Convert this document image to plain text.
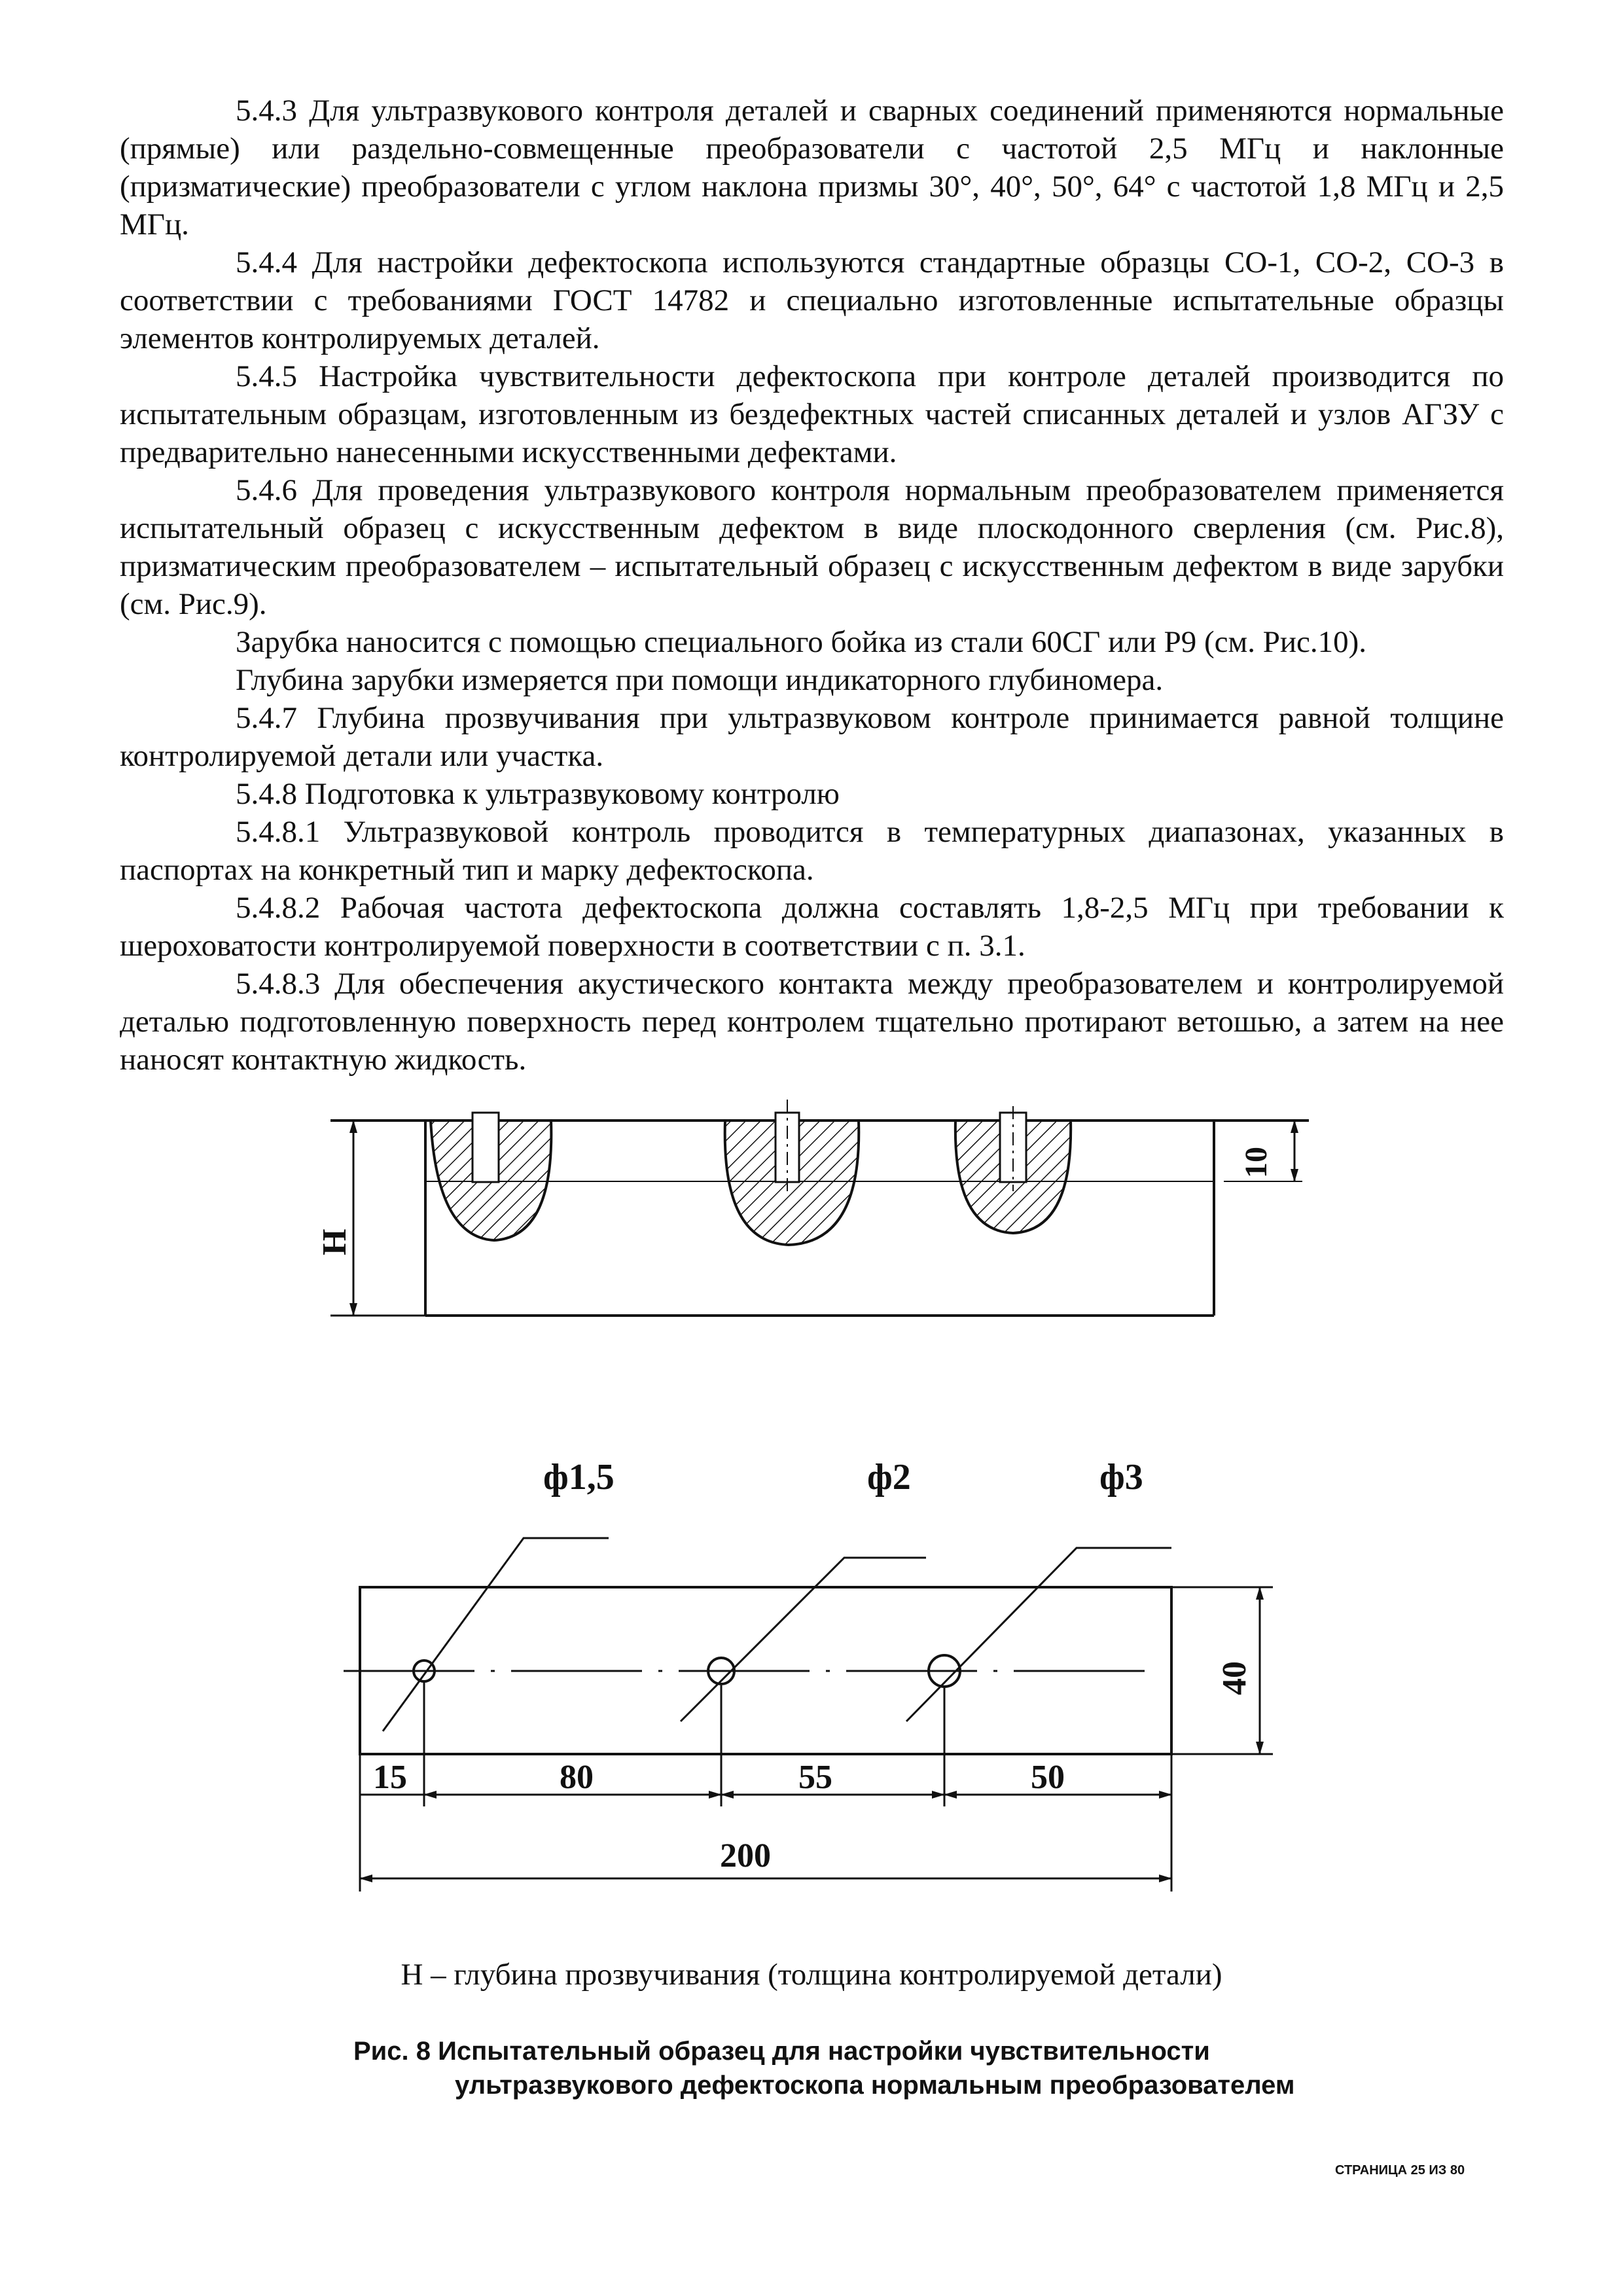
5.4.3 Для ультразвукового контроля деталей и сварных соединений применяются нормальные (прямые) или раздельно-совмещенные преобразователи с частотой 2,5 МГц и наклонные (призматические) преобразователи с углом наклона призмы 30°, 40°, 50°, 64° с частотой 1,8 МГц и 2,5 МГц.

5.4.4 Для настройки дефектоскопа используются стандартные образцы СО-1, СО-2, СО-3 в соответствии с требованиями ГОСТ 14782 и специально изготовленные испытательные образцы элементов контролируемых деталей.

5.4.5 Настройка чувствительности дефектоскопа при контроле деталей производится по испытательным образцам, изготовленным из бездефектных частей списанных деталей и узлов АГЗУ с предварительно нанесенными искусственными дефектами.

5.4.6 Для проведения ультразвукового контроля нормальным преобразователем применяется испытательный образец с искусственным дефектом в виде плоскодонного сверления (см. Рис.8), призматическим преобразователем – испытательный образец с искусственным дефектом в виде зарубки (см. Рис.9).

Зарубка наносится с помощью специального бойка из стали 60СГ или Р9 (см. Рис.10).

Глубина зарубки измеряется при помощи индикаторного глубиномера.

5.4.7 Глубина прозвучивания при ультразвуковом контроле принимается равной толщине контролируемой детали или участка.

5.4.8 Подготовка к ультразвуковому контролю

5.4.8.1 Ультразвуковой контроль проводится в температурных диапазонах, указанных в паспортах на конкретный тип и марку дефектоскопа.

5.4.8.2 Рабочая частота дефектоскопа должна составлять 1,8-2,5 МГц при требовании к шероховатости контролируемой поверхности в соответствии с п. 3.1.

5.4.8.3 Для обеспечения акустического контакта между преобразователем и контролируемой деталью подготовленную поверхность перед контролем тщательно протирают ветошью, а затем на нее наносят контактную жидкость.

H
10
ф1,5	ф2	ф3
15	80	55	50
200
40
H – глубина прозвучивания (толщина контролируемой детали)
Рис. 8 Испытательный образец для настройки чувствительности
ультразвукового дефектоскопа нормальным преобразователем
СТРАНИЦА 25 ИЗ 80
